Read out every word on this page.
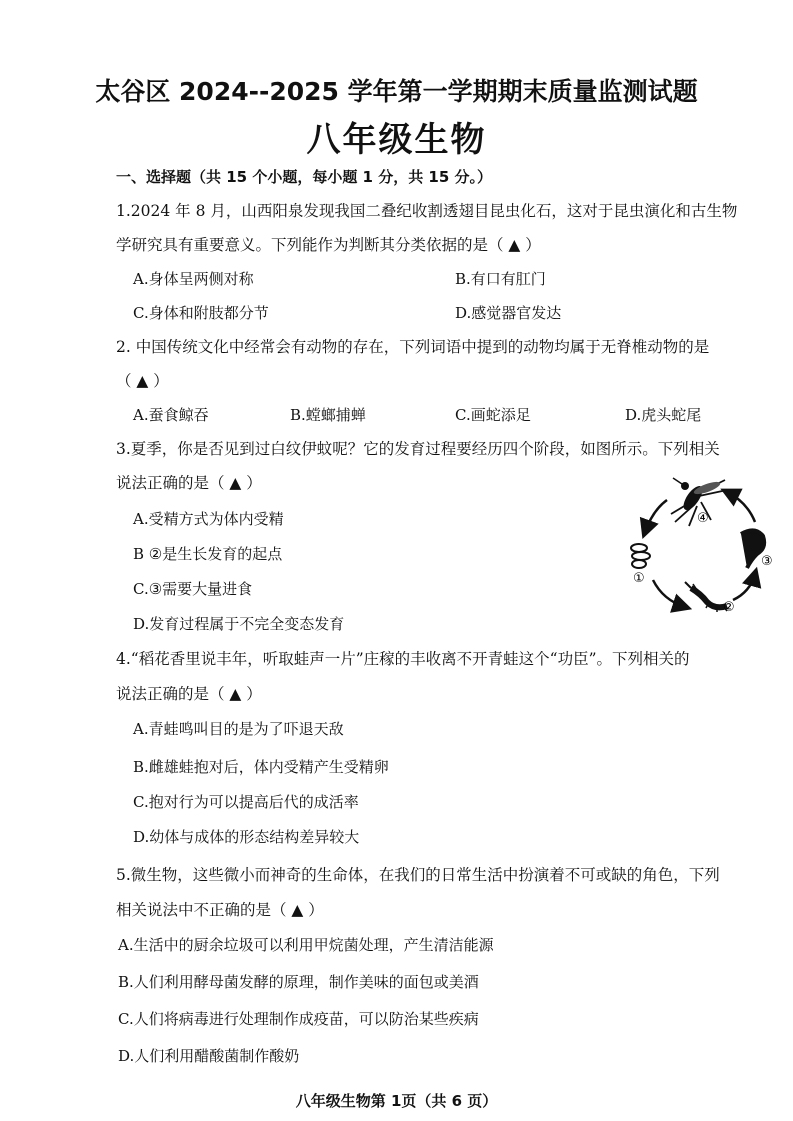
太谷区 2024--2025 学年第一学期期末质量监测试题
八年级生物
一、选择题（共 15 个小题，每小题 1 分，共 15 分。）
1.2024 年 8 月，山西阳泉发现我国二叠纪收割透翅目昆虫化石，这对于昆虫演化和古生物
学研究具有重要意义。下列能作为判断其分类依据的是（ ▲ ）
A.身体呈两侧对称	B.有口有肛门
C.身体和附肢都分节	D.感觉器官发达
2. 中国传统文化中经常会有动物的存在，下列词语中提到的动物均属于无脊椎动物的是
（ ▲ ）
A.蚕食鲸吞	B.螳螂捕蝉	C.画蛇添足	D.虎头蛇尾
3.夏季，你是否见到过白纹伊蚊呢？它的发育过程要经历四个阶段，如图所示。下列相关
说法正确的是（ ▲ ）
A.受精方式为体内受精
B ②是生长发育的起点
C.③需要大量进食
D.发育过程属于不完全变态发育
④
①
②
③
4.“稻花香里说丰年，听取蛙声一片”庄稼的丰收离不开青蛙这个“功臣”。下列相关的
说法正确的是（ ▲ ）
A.青蛙鸣叫目的是为了吓退天敌
B.雌雄蛙抱对后，体内受精产生受精卵
C.抱对行为可以提高后代的成活率
D.幼体与成体的形态结构差异较大
5.微生物，这些微小而神奇的生命体，在我们的日常生活中扮演着不可或缺的角色，下列
相关说法中不正确的是（ ▲ ）
A.生活中的厨余垃圾可以利用甲烷菌处理，产生清洁能源
B.人们利用酵母菌发酵的原理，制作美味的面包或美酒
C.人们将病毒进行处理制作成疫苗，可以防治某些疾病
D.人们利用醋酸菌制作酸奶
八年级生物第 1页（共 6 页）
